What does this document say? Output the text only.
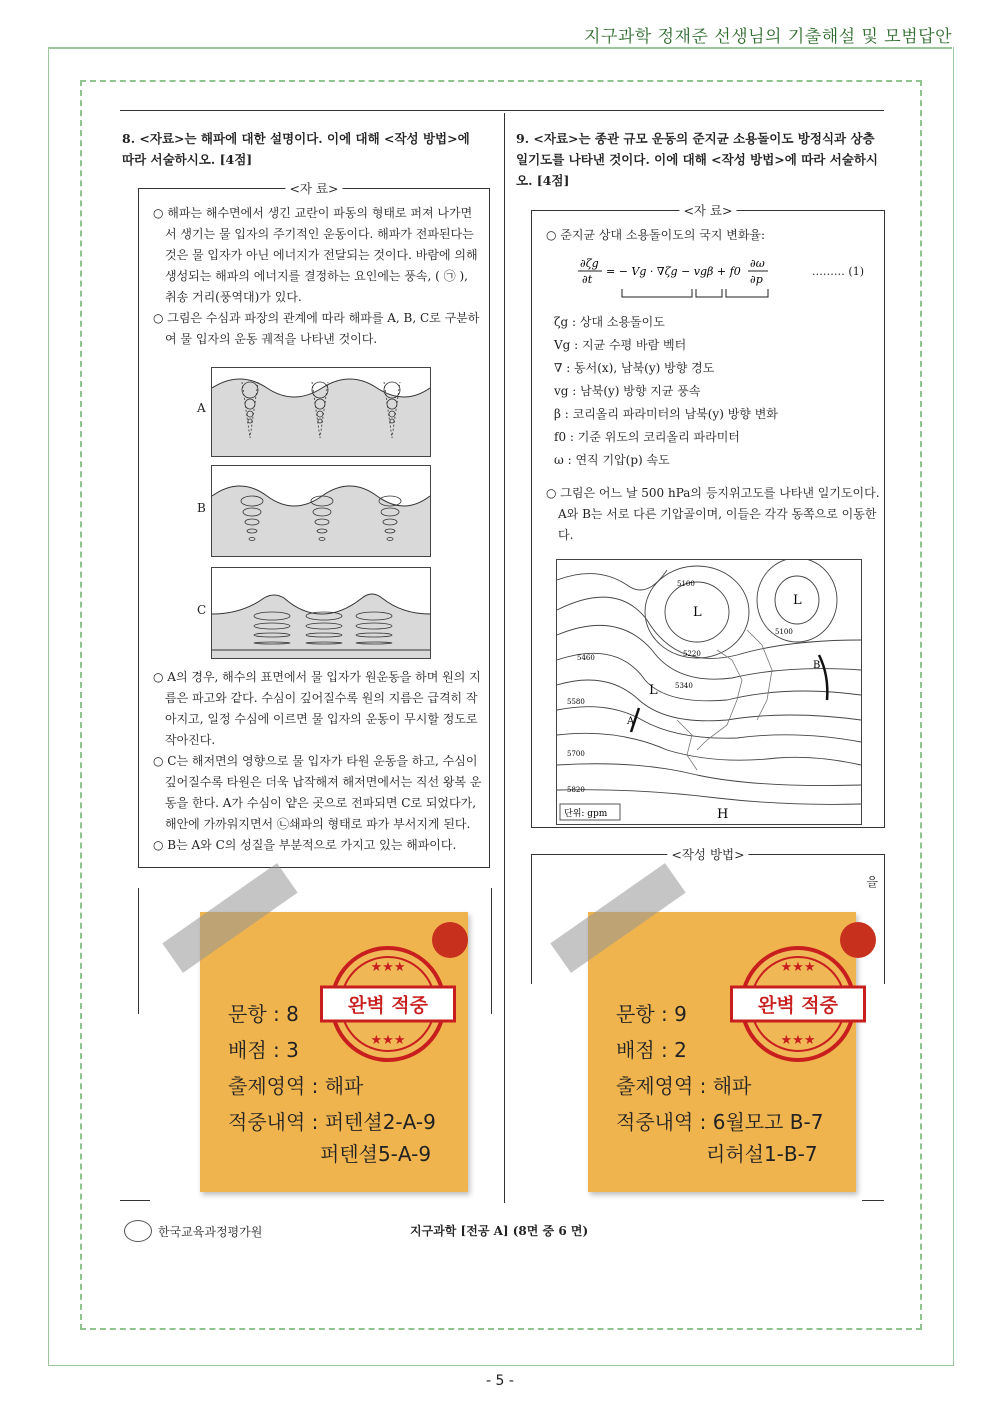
지구과학 정재준 선생님의 기출해설 및 모범답안
8. <자료>는 해파에 대한 설명이다. 이에 대해 <작성 방법>에 따라 서술하시오. [4점]
<자 료>

○ 해파는 해수면에서 생긴 교란이 파동의 형태로 퍼져 나가면서 생기는 물 입자의 주기적인 운동이다. 해파가 전파된다는 것은 물 입자가 아닌 에너지가 전달되는 것이다. 바람에 의해 생성되는 해파의 에너지를 결정하는 요인에는 풍속, ( ㉠ ), 취송 거리(풍역대)가 있다.

○ 그림은 수심과 파장의 관계에 따라 해파를 A, B, C로 구분하여 물 입자의 운동 궤적을 나타낸 것이다.

A
B
C

○ A의 경우, 해수의 표면에서 물 입자가 원운동을 하며 원의 지름은 파고와 같다. 수심이 깊어질수록 원의 지름은 급격히 작아지고, 일정 수심에 이르면 물 입자의 운동이 무시할 정도로 작아진다.

○ C는 해저면의 영향으로 물 입자가 타원 운동을 하고, 수심이 깊어질수록 타원은 더욱 납작해져 해저면에서는 직선 왕복 운동을 한다. A가 수심이 얕은 곳으로 전파되면 C로 되었다가, 해안에 가까워지면서 ㉡쇄파의 형태로 파가 부서지게 된다.

○ B는 A와 C의 성질을 부분적으로 가지고 있는 해파이다.

9. <자료>는 종관 규모 운동의 준지균 소용돌이도 방정식과 상층 일기도를 나타낸 것이다. 이에 대해 <작성 방법>에 따라 서술하시오. [4점]
<자 료>

○ 준지균 상대 소용돌이도의 국지 변화율:

∂ζg
∂t
= − Vg · ∇ζg − vgβ + f0
∂ω
∂p
……… (1)

ζg : 상대 소용돌이도

Vg : 지균 수평 바람 벡터

∇ : 동서(x), 남북(y) 방향 경도

vg : 남북(y) 방향 지균 풍속

β : 코리올리 파라미터의 남북(y) 방향 변화

f0 : 기준 위도의 코리올리 파라미터

ω : 연직 기압(p) 속도

○ 그림은 어느 날 500 hPa의 등지위고도를 나타낸 일기도이다. A와 B는 서로 다른 기압골이며, 이들은 각각 동쪽으로 이동한다.

L
L
L
H
A
B
5100
5100
5220
5460
5340
5580
5700
5820
단위: gpm
<작성 방법>
을
문항 : 8
배점 : 3
출제영역 : 해파
적중내역 : 퍼텐셜2-A-9
퍼텐셜5-A-9
★★★
완벽 적중
★★★
문항 : 9
배점 : 2
출제영역 : 해파
적중내역 : 6월모고 B-7
리허설1-B-7
★★★
완벽 적중
★★★
한국교육과정평가원	지구과학 [전공 A] (8면 중 6 면)
- 5 -
